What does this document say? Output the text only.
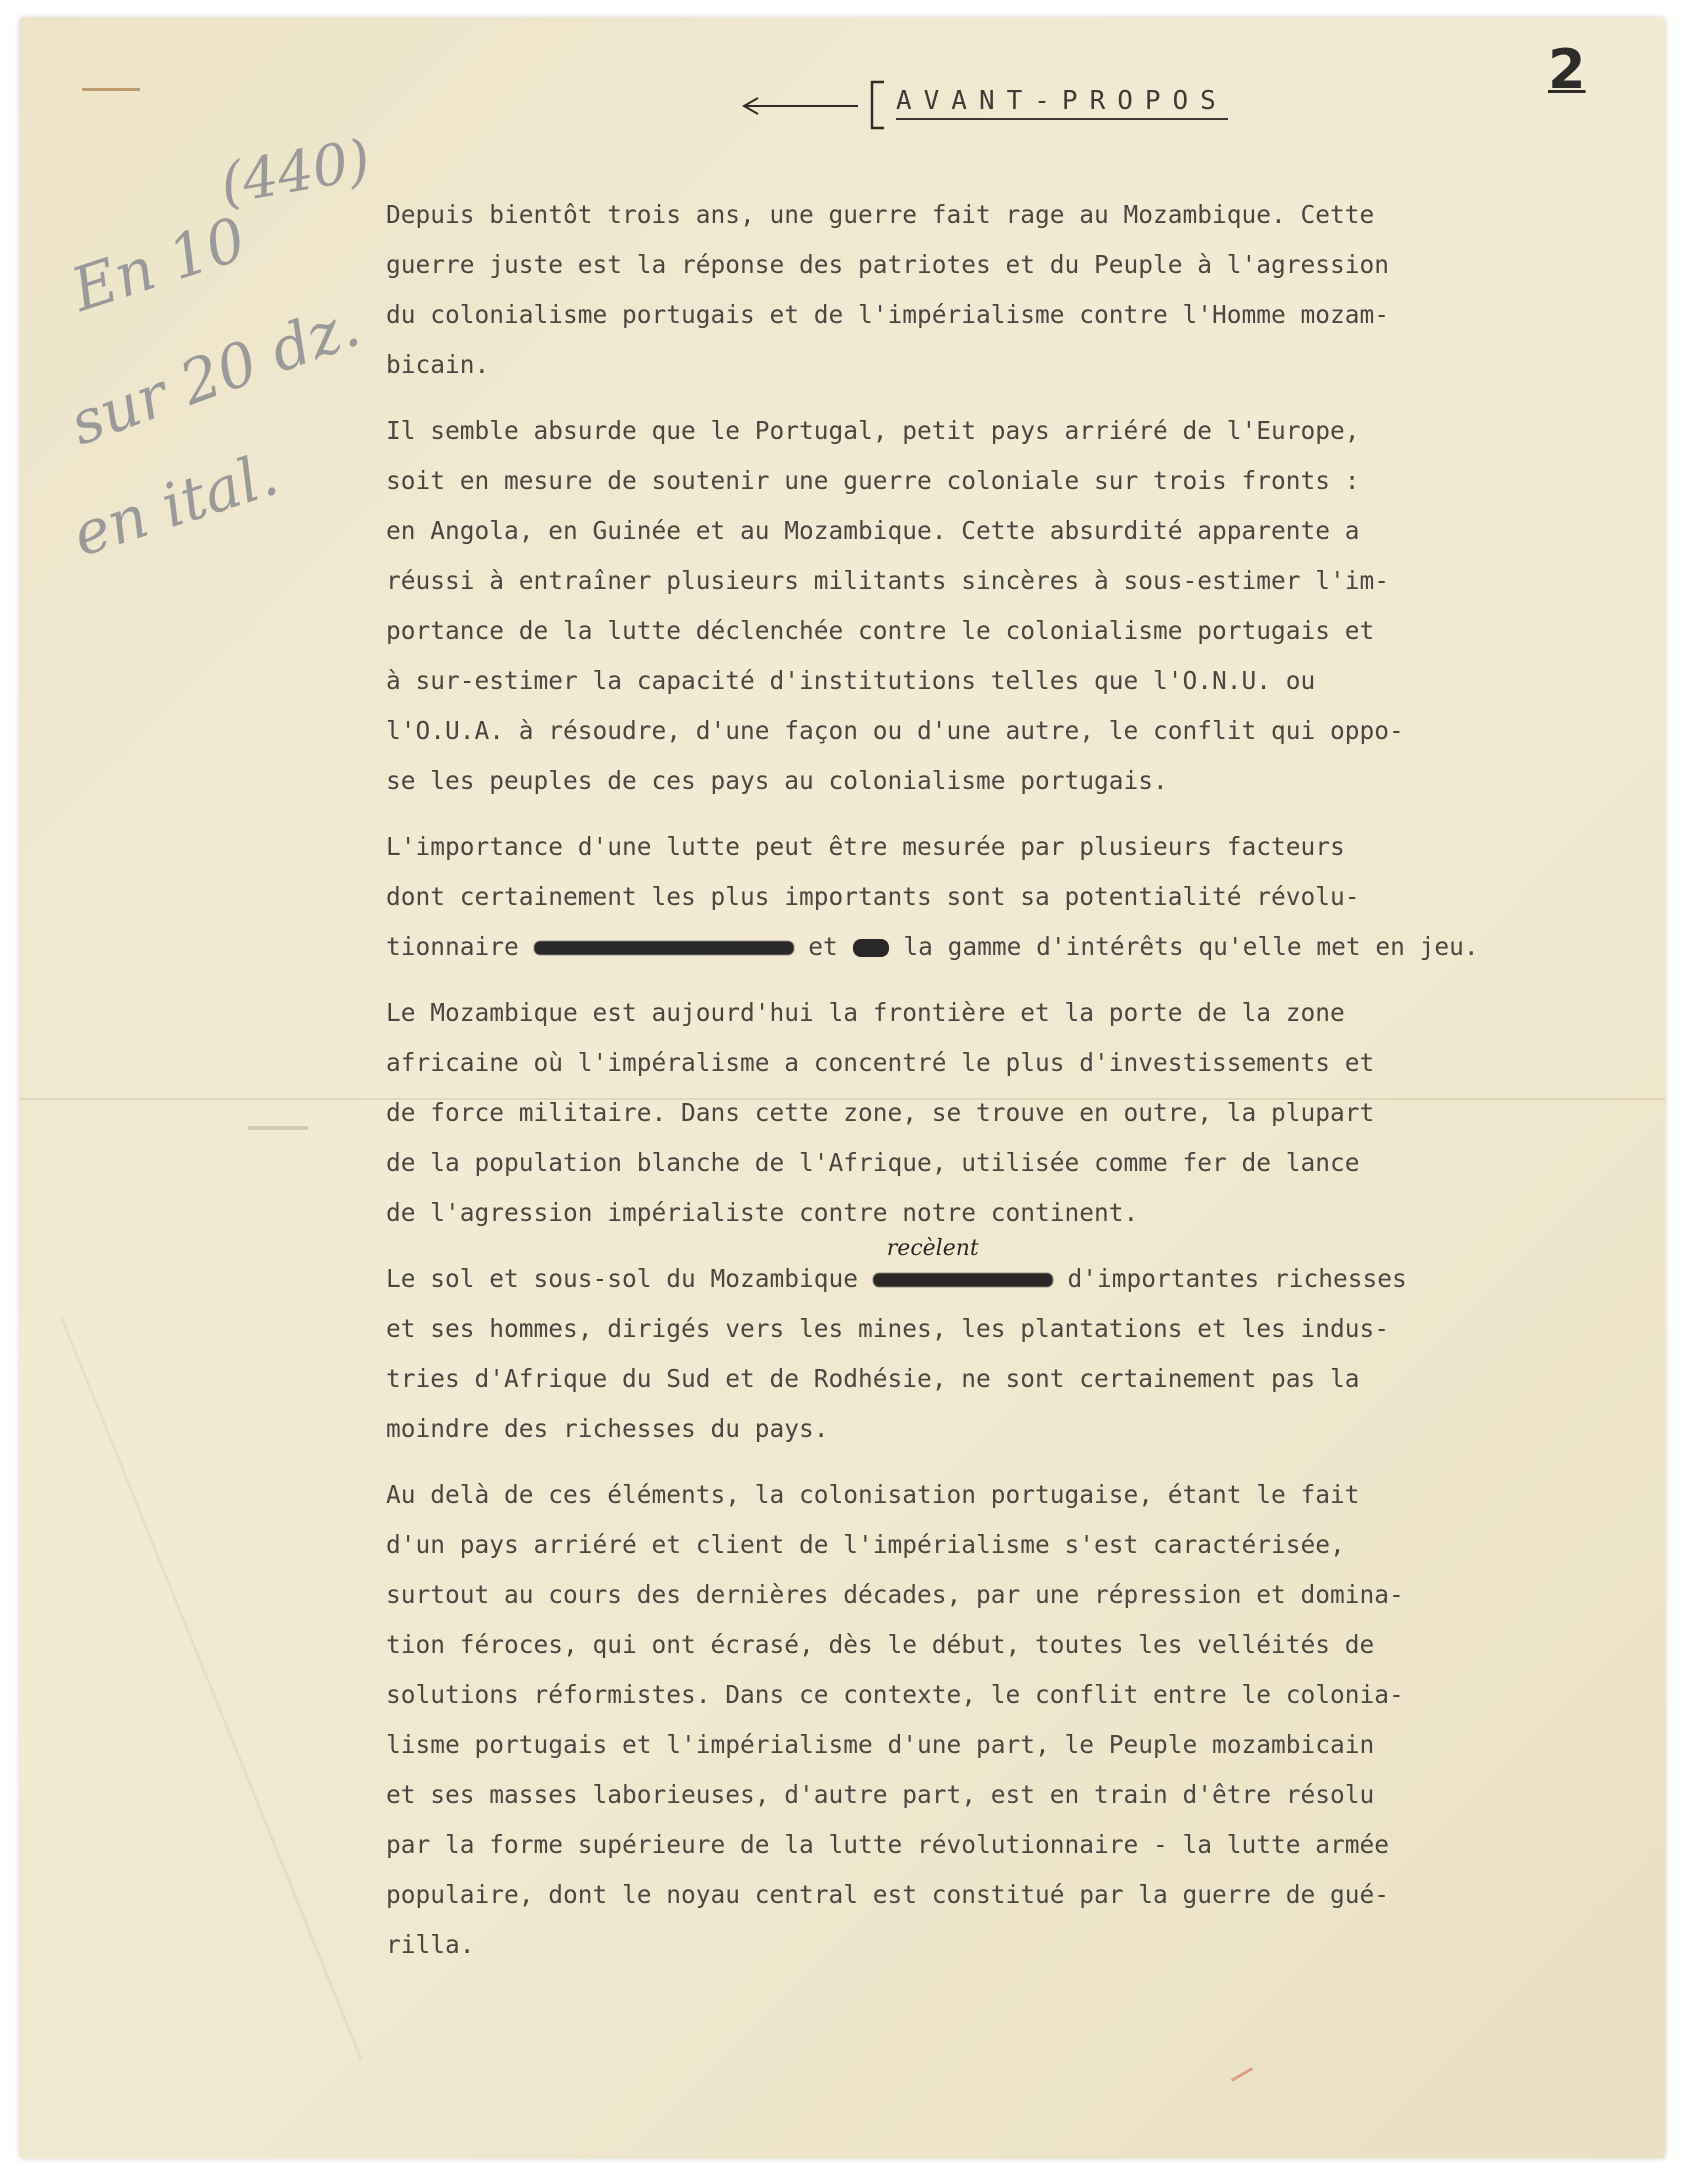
AVANT-PROPOS	2
(440)
En 10
sur 20 dz.
en ital.
Depuis bientôt trois ans, une guerre fait rage au Mozambique. Cette
guerre juste est la réponse des patriotes et du Peuple à l'agression
du colonialisme portugais et de l'impérialisme contre l'Homme mozam-
bicain.
Il semble absurde que le Portugal, petit pays arriéré de l'Europe,
soit en mesure de soutenir une guerre coloniale sur trois fronts :
en Angola, en Guinée et au Mozambique. Cette absurdité apparente a
réussi à entraîner plusieurs militants sincères à sous-estimer l'im-
portance de la lutte déclenchée contre le colonialisme portugais et
à sur-estimer la capacité d'institutions telles que l'O.N.U. ou
l'O.U.A. à résoudre, d'une façon ou d'une autre, le conflit qui oppo-
se les peuples de ces pays au colonialisme portugais.
L'importance d'une lutte peut être mesurée par plusieurs facteurs
dont certainement les plus importants sont sa potentialité révolu-
tionnaire	et	la gamme d'intérêts qu'elle met en jeu.
Le Mozambique est aujourd'hui la frontière et la porte de la zone
africaine où l'impéralisme a concentré le plus d'investissements et
de force militaire. Dans cette zone, se trouve en outre, la plupart
de la population blanche de l'Afrique, utilisée comme fer de lance
de l'agression impérialiste contre notre continent.
Le sol et sous-sol du Mozambique
recèlent
d'importantes richesses
et ses hommes, dirigés vers les mines, les plantations et les indus-
tries d'Afrique du Sud et de Rodhésie, ne sont certainement pas la
moindre des richesses du pays.
Au delà de ces éléments, la colonisation portugaise, étant le fait
d'un pays arriéré et client de l'impérialisme s'est caractérisée,
surtout au cours des dernières décades, par une répression et domina-
tion féroces, qui ont écrasé, dès le début, toutes les velléités de
solutions réformistes. Dans ce contexte, le conflit entre le colonia-
lisme portugais et l'impérialisme d'une part, le Peuple mozambicain
et ses masses laborieuses, d'autre part, est en train d'être résolu
par la forme supérieure de la lutte révolutionnaire - la lutte armée
populaire, dont le noyau central est constitué par la guerre de gué-
rilla.
